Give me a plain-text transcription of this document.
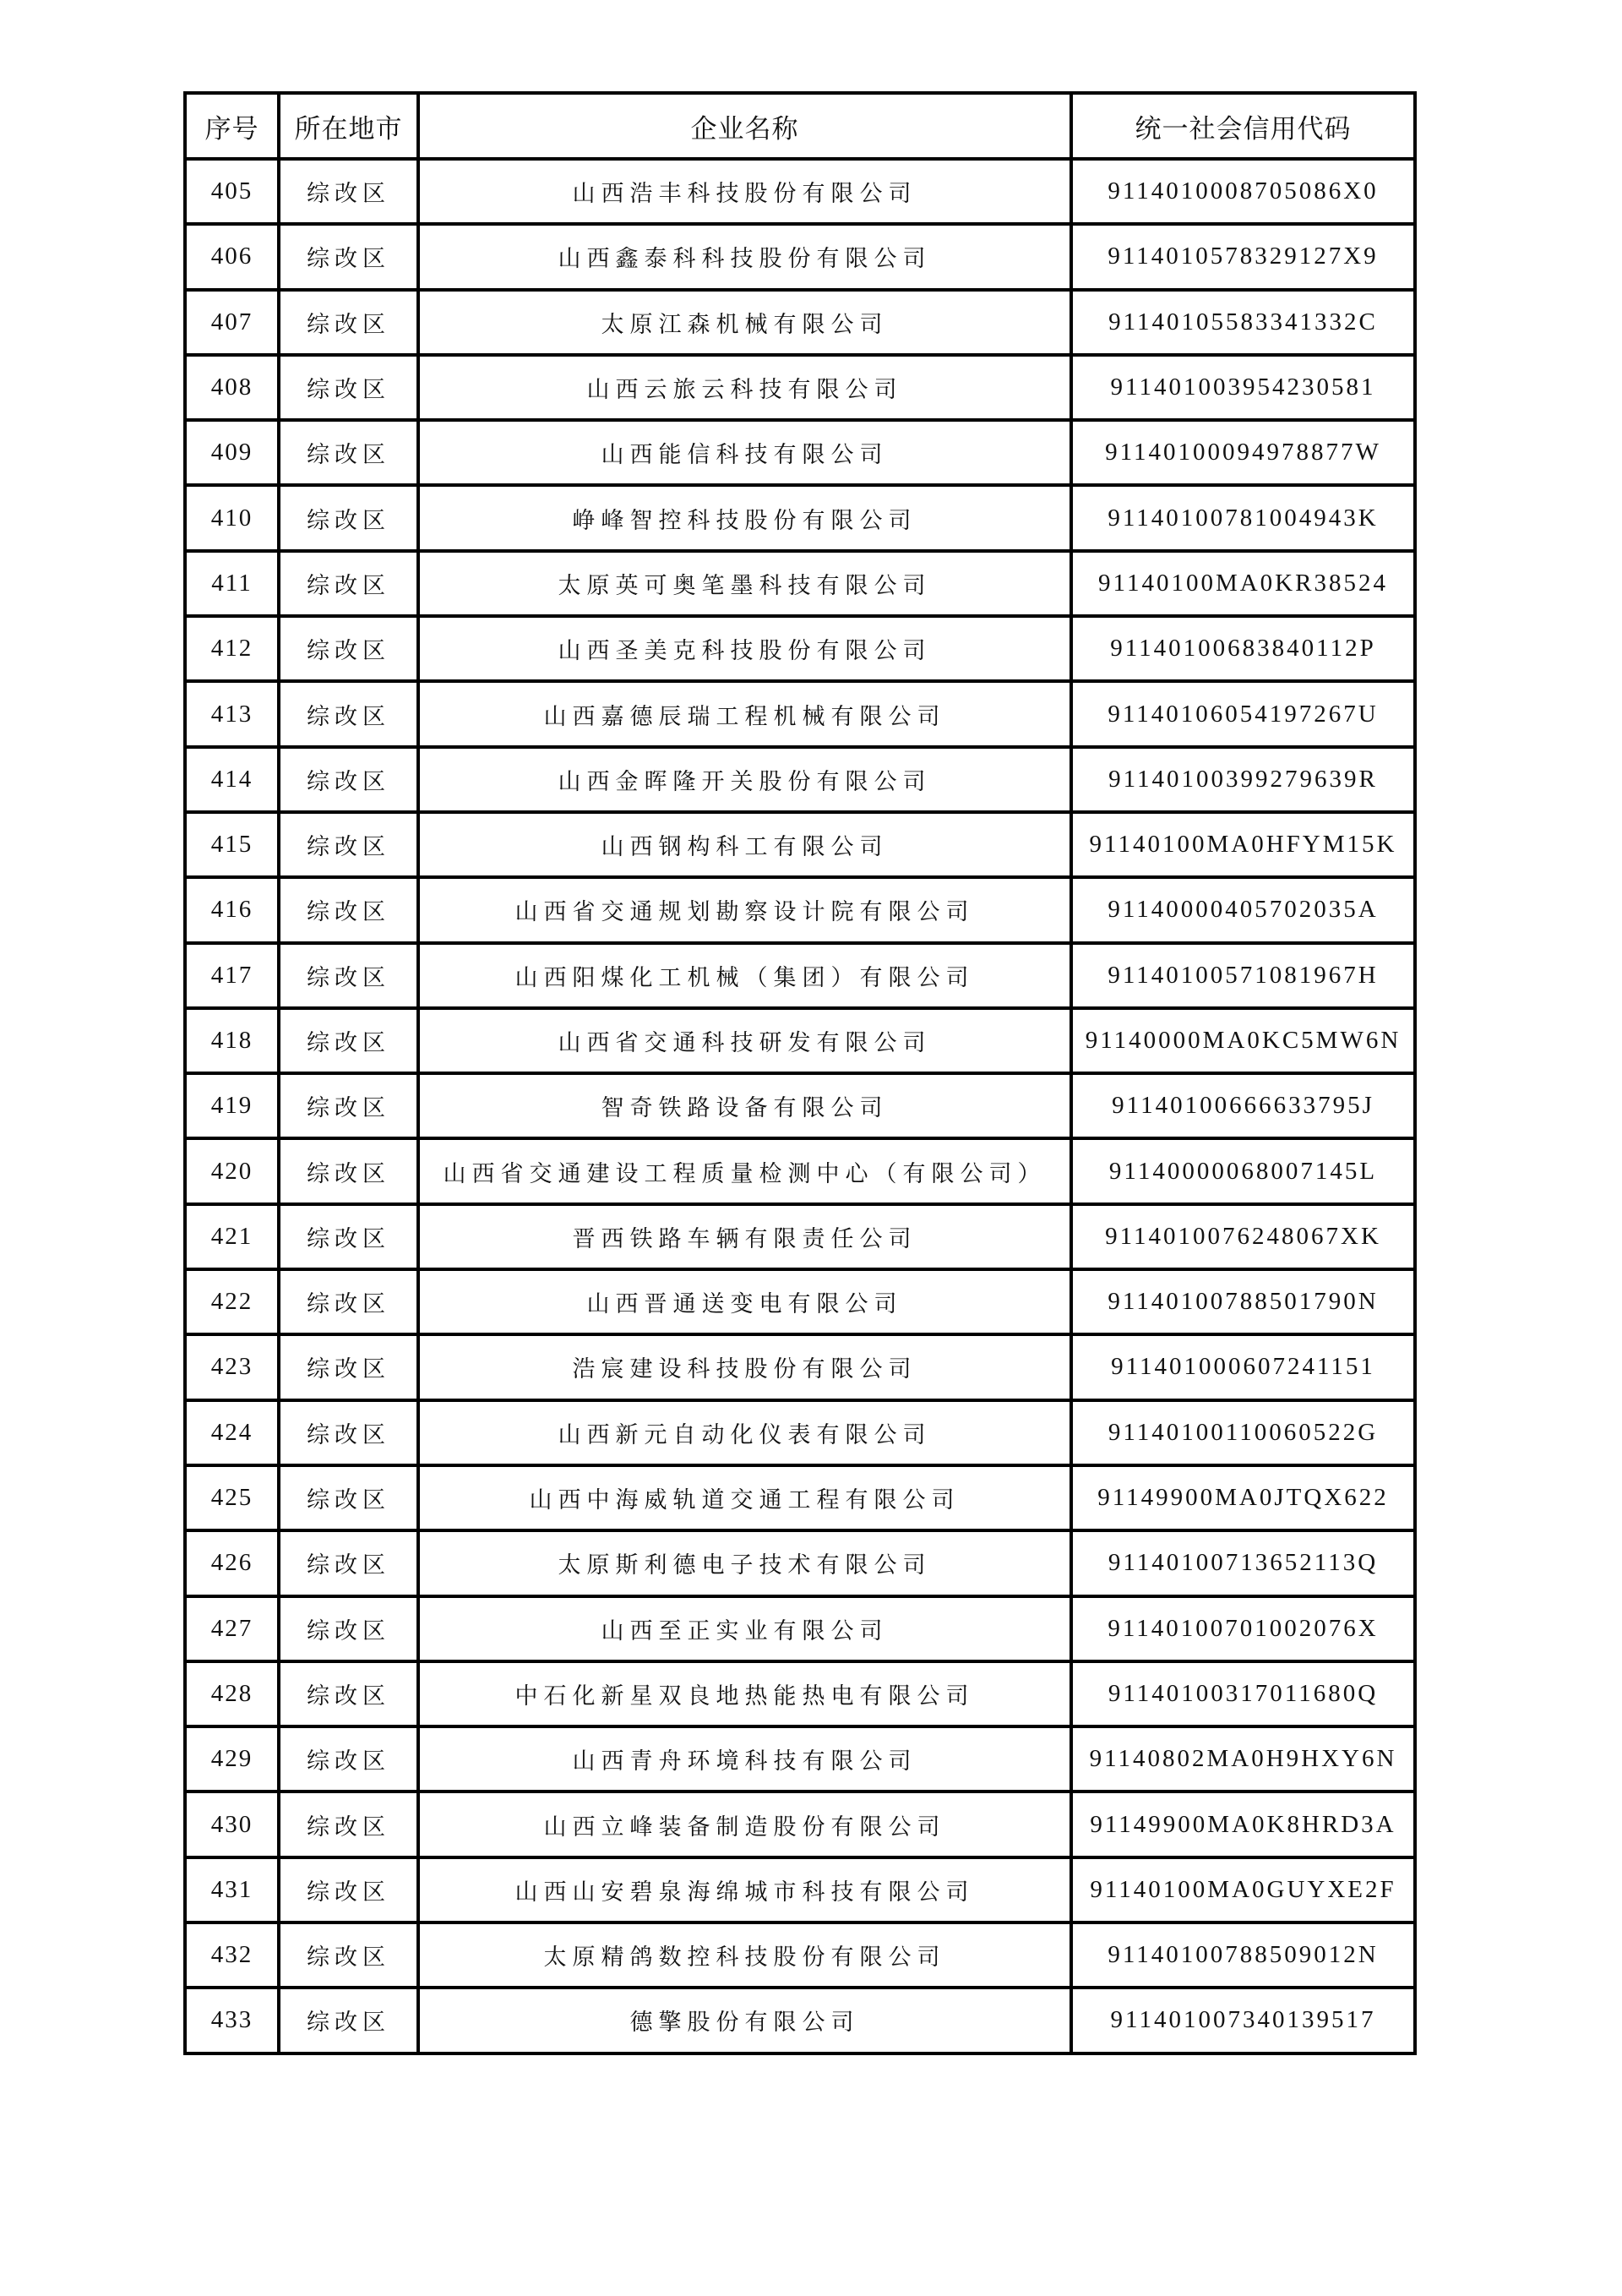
序号	所在地市	企业名称	统一社会信用代码
405	综改区	山西浩丰科技股份有限公司	9114010008705086X0
406	综改区	山西鑫泰科科技股份有限公司	9114010578329127X9
407	综改区	太原江森机械有限公司	91140105583341332C
408	综改区	山西云旅云科技有限公司	911401003954230581
409	综改区	山西能信科技有限公司	91140100094978877W
410	综改区	峥峰智控科技股份有限公司	91140100781004943K
411	综改区	太原英可奥笔墨科技有限公司	91140100MA0KR38524
412	综改区	山西圣美克科技股份有限公司	91140100683840112P
413	综改区	山西嘉德辰瑞工程机械有限公司	91140106054197267U
414	综改区	山西金晖隆开关股份有限公司	91140100399279639R
415	综改区	山西钢构科工有限公司	91140100MA0HFYM15K
416	综改区	山西省交通规划勘察设计院有限公司	91140000405702035A
417	综改区	山西阳煤化工机械（集团）有限公司	91140100571081967H
418	综改区	山西省交通科技研发有限公司	91140000MA0KC5MW6N
419	综改区	智奇铁路设备有限公司	91140100666633795J
420	综改区	山西省交通建设工程质量检测中心（有限公司）	91140000068007145L
421	综改区	晋西铁路车辆有限责任公司	9114010076248067XK
422	综改区	山西晋通送变电有限公司	91140100788501790N
423	综改区	浩宸建设科技股份有限公司	911401000607241151
424	综改区	山西新元自动化仪表有限公司	91140100110060522G
425	综改区	山西中海威轨道交通工程有限公司	91149900MA0JTQX622
426	综改区	太原斯利德电子技术有限公司	91140100713652113Q
427	综改区	山西至正实业有限公司	91140100701002076X
428	综改区	中石化新星双良地热能热电有限公司	91140100317011680Q
429	综改区	山西青舟环境科技有限公司	91140802MA0H9HXY6N
430	综改区	山西立峰装备制造股份有限公司	91149900MA0K8HRD3A
431	综改区	山西山安碧泉海绵城市科技有限公司	91140100MA0GUYXE2F
432	综改区	太原精鸽数控科技股份有限公司	91140100788509012N
433	综改区	德擎股份有限公司	911401007340139517
